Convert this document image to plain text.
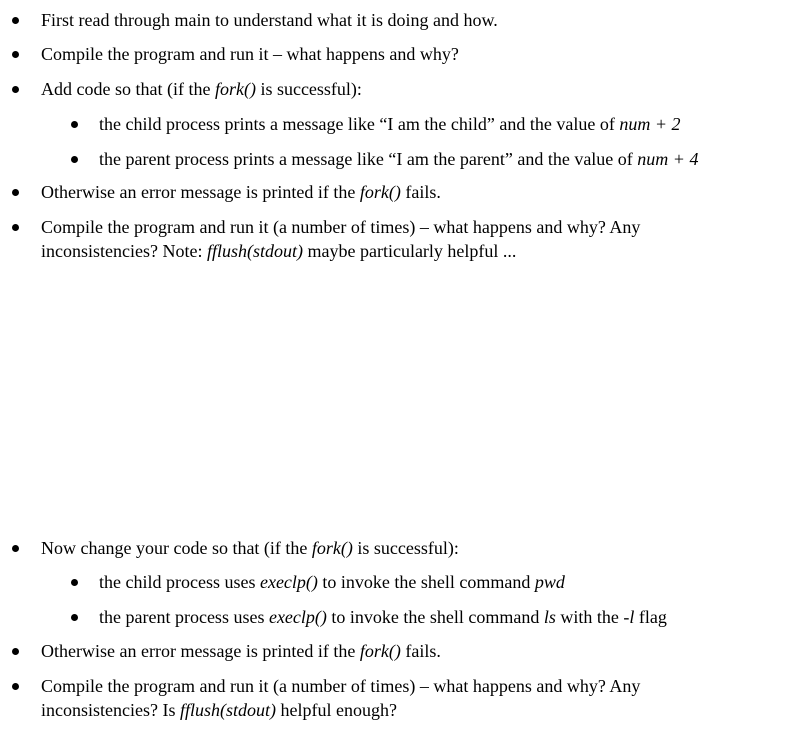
First read through main to understand what it is doing and how.
Compile the program and run it – what happens and why?
Add code so that (if the fork() is successful):
the child process prints a message like “I am the child” and the value of num + 2
the parent process prints a message like “I am the parent” and the value of num + 4
Otherwise an error message is printed if the fork() fails.
Compile the program and run it (a number of times) – what happens and why? Any inconsistencies? Note: fflush(stdout) maybe particularly helpful ...
Now change your code so that (if the fork() is successful):
the child process uses execlp() to invoke the shell command pwd
the parent process uses execlp() to invoke the shell command ls with the -l flag
Otherwise an error message is printed if the fork() fails.
Compile the program and run it (a number of times) – what happens and why? Any inconsistencies? Is fflush(stdout) helpful enough?
